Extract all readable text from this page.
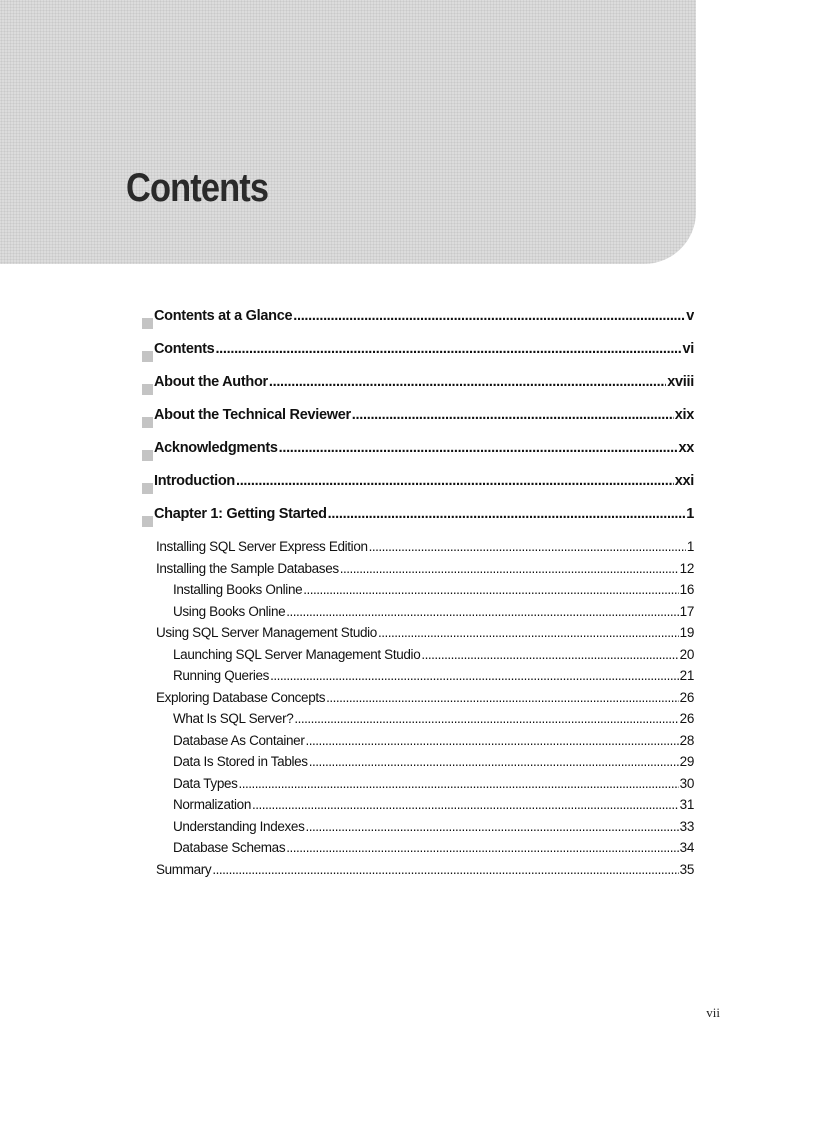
Contents
Contents at a Glance .....	v
Contents .....	vi
About the Author .....	xviii
About the Technical Reviewer .....	xix
Acknowledgments .....	xx
Introduction .....	xxi
Chapter 1: Getting Started .....	1
Installing SQL Server Express Edition .....	1
Installing the Sample Databases .....	12
Installing Books Online .....	16
Using Books Online .....	17
Using SQL Server Management Studio .....	19
Launching SQL Server Management Studio .....	20
Running Queries .....	21
Exploring Database Concepts .....	26
What Is SQL Server? .....	26
Database As Container .....	28
Data Is Stored in Tables .....	29
Data Types .....	30
Normalization .....	31
Understanding Indexes .....	33
Database Schemas .....	34
Summary .....	35
vii
